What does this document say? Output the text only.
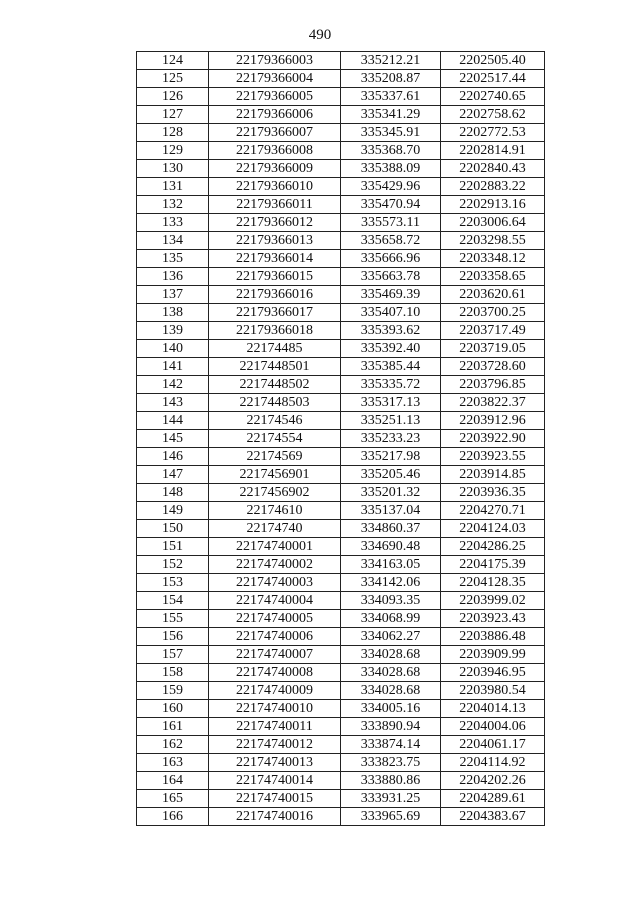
490
124	22179366003	335212.21	2202505.40
125	22179366004	335208.87	2202517.44
126	22179366005	335337.61	2202740.65
127	22179366006	335341.29	2202758.62
128	22179366007	335345.91	2202772.53
129	22179366008	335368.70	2202814.91
130	22179366009	335388.09	2202840.43
131	22179366010	335429.96	2202883.22
132	22179366011	335470.94	2202913.16
133	22179366012	335573.11	2203006.64
134	22179366013	335658.72	2203298.55
135	22179366014	335666.96	2203348.12
136	22179366015	335663.78	2203358.65
137	22179366016	335469.39	2203620.61
138	22179366017	335407.10	2203700.25
139	22179366018	335393.62	2203717.49
140	22174485	335392.40	2203719.05
141	2217448501	335385.44	2203728.60
142	2217448502	335335.72	2203796.85
143	2217448503	335317.13	2203822.37
144	22174546	335251.13	2203912.96
145	22174554	335233.23	2203922.90
146	22174569	335217.98	2203923.55
147	2217456901	335205.46	2203914.85
148	2217456902	335201.32	2203936.35
149	22174610	335137.04	2204270.71
150	22174740	334860.37	2204124.03
151	22174740001	334690.48	2204286.25
152	22174740002	334163.05	2204175.39
153	22174740003	334142.06	2204128.35
154	22174740004	334093.35	2203999.02
155	22174740005	334068.99	2203923.43
156	22174740006	334062.27	2203886.48
157	22174740007	334028.68	2203909.99
158	22174740008	334028.68	2203946.95
159	22174740009	334028.68	2203980.54
160	22174740010	334005.16	2204014.13
161	22174740011	333890.94	2204004.06
162	22174740012	333874.14	2204061.17
163	22174740013	333823.75	2204114.92
164	22174740014	333880.86	2204202.26
165	22174740015	333931.25	2204289.61
166	22174740016	333965.69	2204383.67
